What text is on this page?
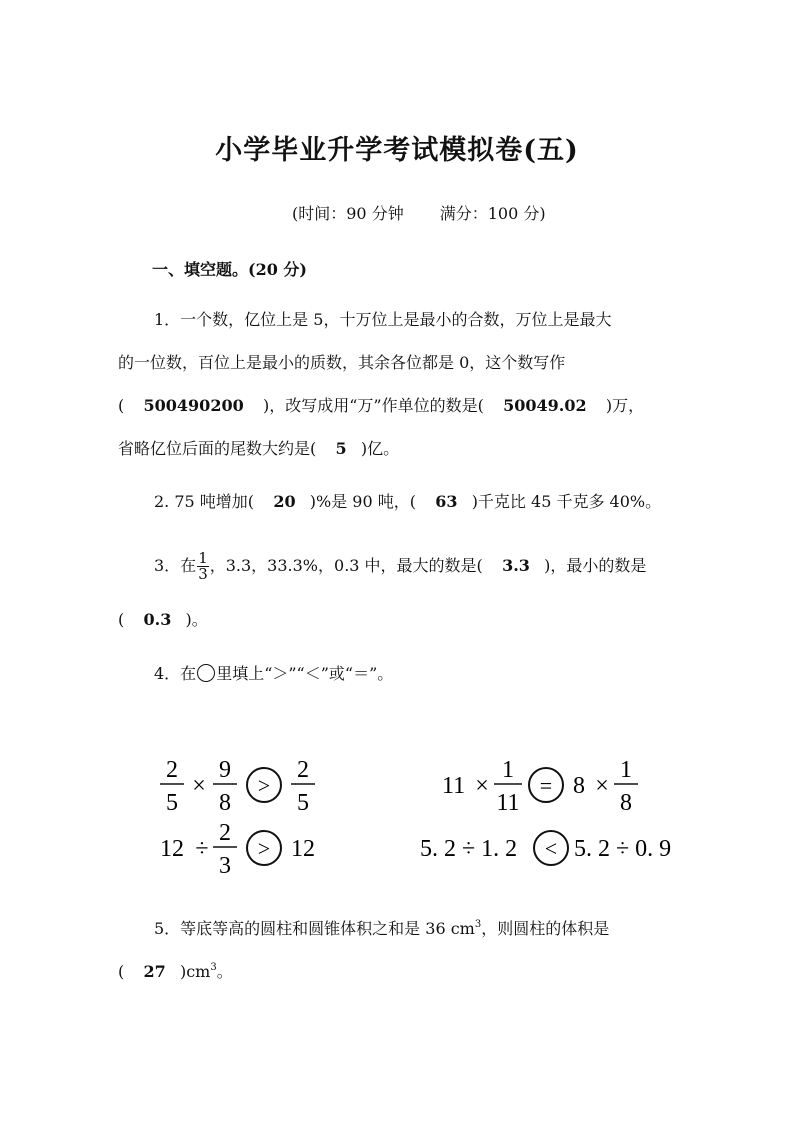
小学毕业升学考试模拟卷(五)
(时间：90 分钟 满分：100 分)
一、填空题。(20 分)
1．一个数，亿位上是 5，十万位上是最小的合数，万位上是最大
的一位数，百位上是最小的质数，其余各位都是 0，这个数写作
( 500490200 )，改写成用“万”作单位的数是( 50049.02 )万，
省略亿位后面的尾数大约是( 5 )亿。
2. 75 吨增加( 20 )%是 90 吨，( 63 )千克比 45 千克多 40%。
3．在 $\frac{1}{3}$ ，3.3，33.3%，0.3 中，最大的数是( 3.3 )，最小的数是
( 0.3 )。
4．在 里填上“＞”“＜”或“＝”。
2
5
×
9
8
>
2
5
11 ×
1
11
= 8 ×
1
8
12 ÷
2
3
> 12	5. 2 ÷ 1. 2 < 5. 2 ÷ 0. 9
5．等底等高的圆柱和圆锥体积之和是 36 $cm^3$，则圆柱的体积是
( 27 )$cm^3$。
